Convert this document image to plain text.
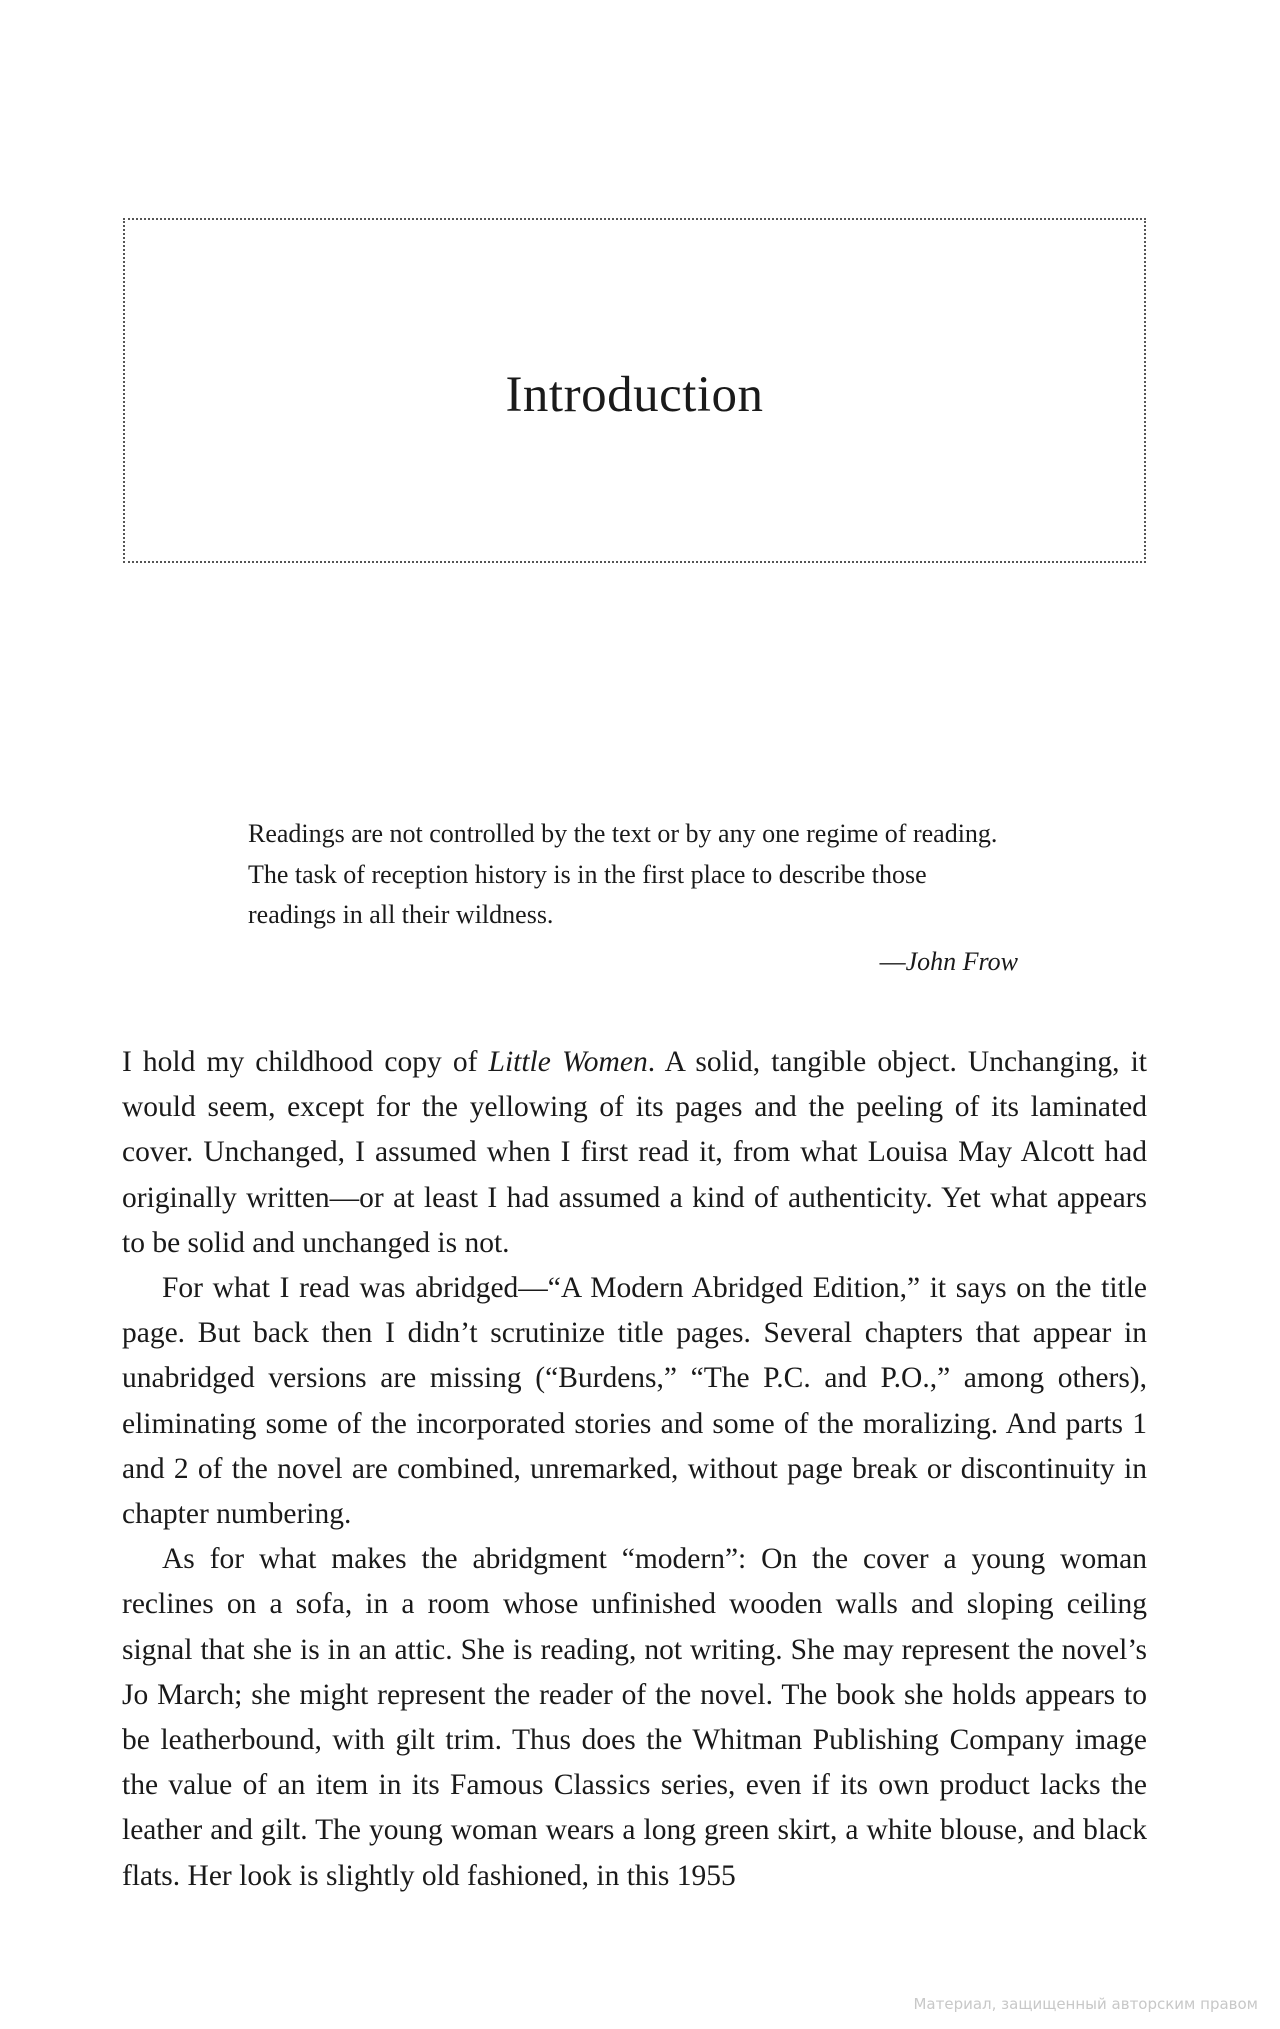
Introduction

Readings are not controlled by the text or by any one regime of reading. The task of reception history is in the first place to describe those readings in all their wildness.

—John Frow

I hold my childhood copy of Little Women. A solid, tangible object. Unchanging, it would seem, except for the yellowing of its pages and the peeling of its laminated cover. Unchanged, I assumed when I first read it, from what Louisa May Alcott had originally written—or at least I had assumed a kind of authenticity. Yet what appears to be solid and unchanged is not.

For what I read was abridged—“A Modern Abridged Edition,” it says on the title page. But back then I didn’t scrutinize title pages. Several chapters that appear in unabridged versions are missing (“Burdens,” “The P.C. and P.O.,” among others), eliminating some of the incorporated stories and some of the moralizing. And parts 1 and 2 of the novel are combined, unremarked, without page break or discontinuity in chapter numbering.

As for what makes the abridgment “modern”: On the cover a young woman reclines on a sofa, in a room whose unfinished wooden walls and sloping ceiling signal that she is in an attic. She is reading, not writing. She may represent the novel’s Jo March; she might represent the reader of the novel. The book she holds appears to be leatherbound, with gilt trim. Thus does the Whitman Publishing Company image the value of an item in its Famous Classics series, even if its own product lacks the leather and gilt. The young woman wears a long green skirt, a white blouse, and black flats. Her look is slightly old fashioned, in this 1955

Материал, защищенный авторским правом
